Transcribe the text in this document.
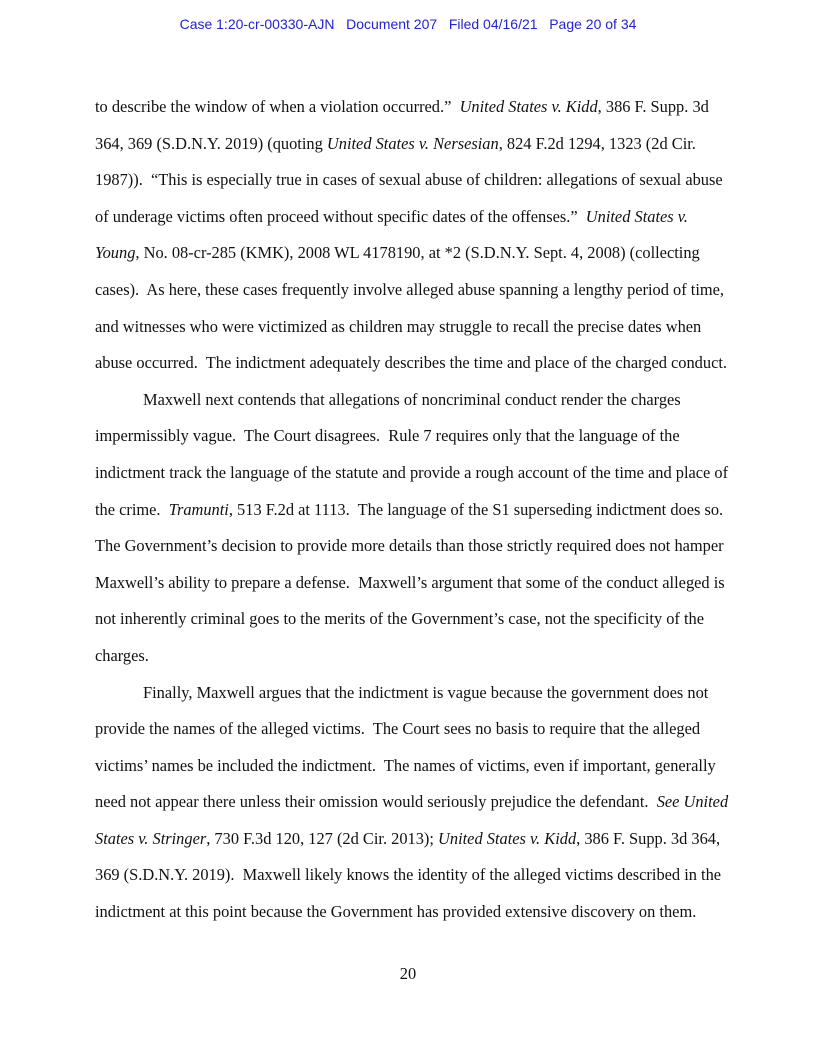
Case 1:20-cr-00330-AJN   Document 207   Filed 04/16/21   Page 20 of 34
to describe the window of when a violation occurred.”  United States v. Kidd, 386 F. Supp. 3d
364, 369 (S.D.N.Y. 2019) (quoting United States v. Nersesian, 824 F.2d 1294, 1323 (2d Cir.
1987)).  “This is especially true in cases of sexual abuse of children: allegations of sexual abuse
of underage victims often proceed without specific dates of the offenses.”  United States v.
Young, No. 08-cr-285 (KMK), 2008 WL 4178190, at *2 (S.D.N.Y. Sept. 4, 2008) (collecting
cases).  As here, these cases frequently involve alleged abuse spanning a lengthy period of time,
and witnesses who were victimized as children may struggle to recall the precise dates when
abuse occurred.  The indictment adequately describes the time and place of the charged conduct.
Maxwell next contends that allegations of noncriminal conduct render the charges
impermissibly vague.  The Court disagrees.  Rule 7 requires only that the language of the
indictment track the language of the statute and provide a rough account of the time and place of
the crime.  Tramunti, 513 F.2d at 1113.  The language of the S1 superseding indictment does so.
The Government’s decision to provide more details than those strictly required does not hamper
Maxwell’s ability to prepare a defense.  Maxwell’s argument that some of the conduct alleged is
not inherently criminal goes to the merits of the Government’s case, not the specificity of the
charges.
Finally, Maxwell argues that the indictment is vague because the government does not
provide the names of the alleged victims.  The Court sees no basis to require that the alleged
victims’ names be included the indictment.  The names of victims, even if important, generally
need not appear there unless their omission would seriously prejudice the defendant.  See United
States v. Stringer, 730 F.3d 120, 127 (2d Cir. 2013); United States v. Kidd, 386 F. Supp. 3d 364,
369 (S.D.N.Y. 2019).  Maxwell likely knows the identity of the alleged victims described in the
indictment at this point because the Government has provided extensive discovery on them.
20
